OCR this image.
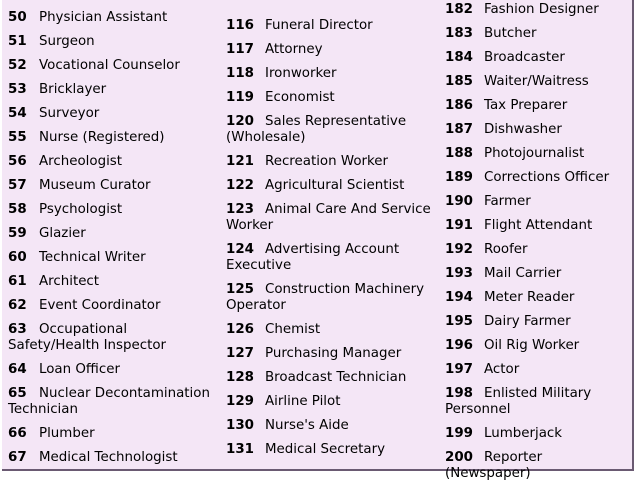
50 Physician Assistant
51 Surgeon
52 Vocational Counselor
53 Bricklayer
54 Surveyor
55 Nurse (Registered)
56 Archeologist
57 Museum Curator
58 Psychologist
59 Glazier
60 Technical Writer
61 Architect
62 Event Coordinator
63 Occupational Safety/Health Inspector
64 Loan Officer
65 Nuclear Decontamination Technician
66 Plumber
67 Medical Technologist
116 Funeral Director
117 Attorney
118 Ironworker
119 Economist
120 Sales Representative (Wholesale)
121 Recreation Worker
122 Agricultural Scientist
123 Animal Care And Service Worker
124 Advertising Account Executive
125 Construction Machinery Operator
126 Chemist
127 Purchasing Manager
128 Broadcast Technician
129 Airline Pilot
130 Nurse's Aide
131 Medical Secretary
182 Fashion Designer
183 Butcher
184 Broadcaster
185 Waiter/Waitress
186 Tax Preparer
187 Dishwasher
188 Photojournalist
189 Corrections Officer
190 Farmer
191 Flight Attendant
192 Roofer
193 Mail Carrier
194 Meter Reader
195 Dairy Farmer
196 Oil Rig Worker
197 Actor
198 Enlisted Military Personnel
199 Lumberjack
200 Reporter (Newspaper)
